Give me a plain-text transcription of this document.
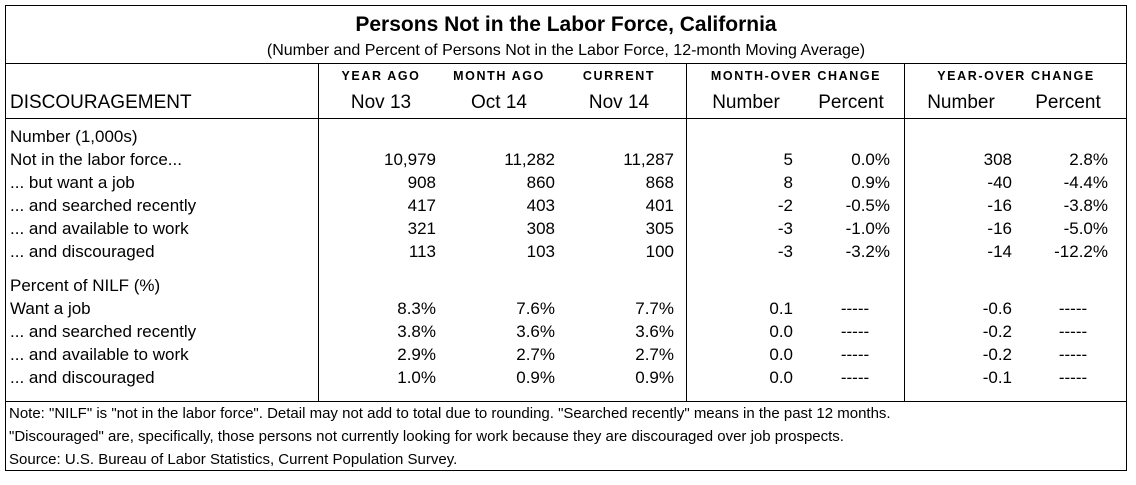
Persons Not in the Labor Force, California
(Number and Percent of Persons Not in the Labor Force, 12-month Moving Average)
YEAR AGO	MONTH AGO	CURRENT	MONTH-OVER CHANGE	YEAR-OVER CHANGE
DISCOURAGEMENT	Nov 13	Oct 14	Nov 14	Number	Percent	Number	Percent
Number (1,000s)
Percent of NILF (%)
Not in the labor force...	10,979	11,282	11,287	5	0.0%	308	2.8%
... but want a job	908	860	868	8	0.9%	-40	-4.4%
... and searched recently	417	403	401	-2	-0.5%	-16	-3.8%
... and available to work	321	308	305	-3	-1.0%	-16	-5.0%
... and discouraged	113	103	100	-3	-3.2%	-14	-12.2%
Want a job	8.3%	7.6%	7.7%	0.1	-----	-0.6	-----
... and searched recently	3.8%	3.6%	3.6%	0.0	-----	-0.2	-----
... and available to work	2.9%	2.7%	2.7%	0.0	-----	-0.2	-----
... and discouraged	1.0%	0.9%	0.9%	0.0	-----	-0.1	-----
Note: "NILF" is "not in the labor force". Detail may not add to total due to rounding. "Searched recently" means in the past 12 months.
"Discouraged" are, specifically, those persons not currently looking for work because they are discouraged over job prospects.
Source: U.S. Bureau of Labor Statistics, Current Population Survey.
